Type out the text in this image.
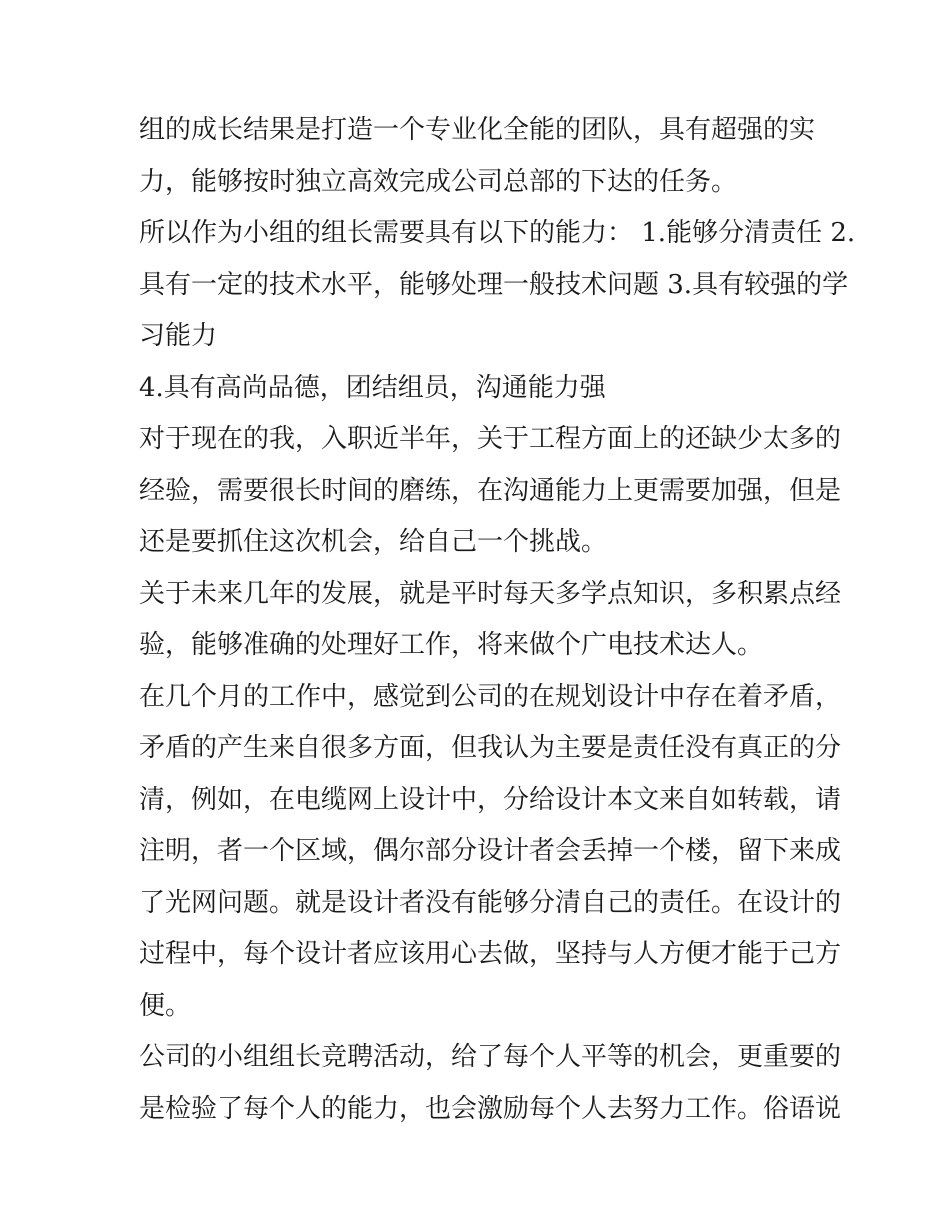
组的成长结果是打造一个专业化全能的团队，具有超强的实
力，能够按时独立高效完成公司总部的下达的任务。

所以作为小组的组长需要具有以下的能力： 1.能够分清责任 2.
具有一定的技术水平，能够处理一般技术问题 3.具有较强的学
习能力

4.具有高尚品德，团结组员，沟通能力强

对于现在的我，入职近半年，关于工程方面上的还缺少太多的
经验，需要很长时间的磨练，在沟通能力上更需要加强，但是
还是要抓住这次机会，给自己一个挑战。

关于未来几年的发展，就是平时每天多学点知识，多积累点经
验，能够准确的处理好工作，将来做个广电技术达人。

在几个月的工作中，感觉到公司的在规划设计中存在着矛盾，
矛盾的产生来自很多方面，但我认为主要是责任没有真正的分
清，例如，在电缆网上设计中，分给设计本文来自如转载，请
注明，者一个区域，偶尔部分设计者会丢掉一个楼，留下来成
了光网问题。就是设计者没有能够分清自己的责任。在设计的
过程中，每个设计者应该用心去做，坚持与人方便才能于己方
便。

公司的小组组长竞聘活动，给了每个人平等的机会，更重要的
是检验了每个人的能力，也会激励每个人去努力工作。俗语说
